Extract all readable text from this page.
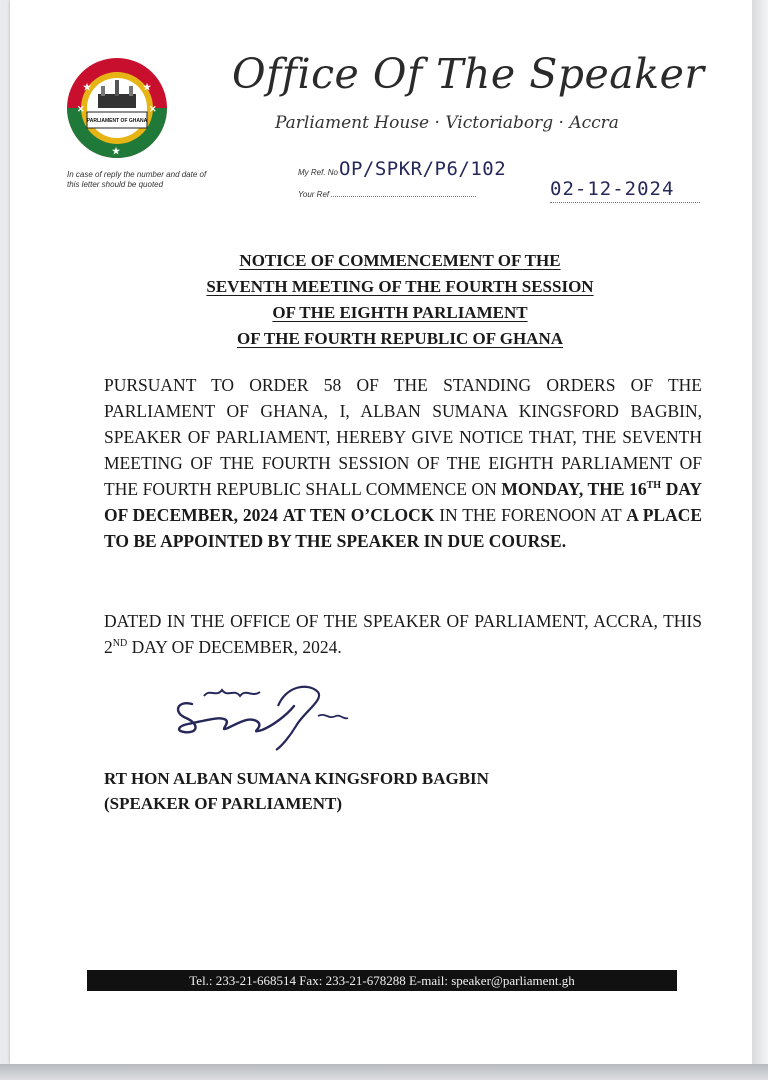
PARLIAMENT OF GHANA
★	★
✕	✕
★
Office Of The Speaker
Parliament House · Victoriaborg · Accra
In case of reply the number and date of this letter should be quoted
My Ref. NoOP/SPKR/P6/102
Your Ref	02-12-2024
NOTICE OF COMMENCEMENT OF THE
SEVENTH MEETING OF THE FOURTH SESSION
OF THE EIGHTH PARLIAMENT
OF THE FOURTH REPUBLIC OF GHANA
PURSUANT TO ORDER 58 OF THE STANDING ORDERS OF THE PARLIAMENT OF GHANA, I, ALBAN SUMANA KINGSFORD BAGBIN, SPEAKER OF PARLIAMENT, HEREBY GIVE NOTICE THAT, THE SEVENTH MEETING OF THE FOURTH SESSION OF THE EIGHTH PARLIAMENT OF THE FOURTH REPUBLIC SHALL COMMENCE ON MONDAY, THE 16TH DAY OF DECEMBER, 2024 AT TEN O’CLOCK IN THE FORENOON AT A PLACE TO BE APPOINTED BY THE SPEAKER IN DUE COURSE.
DATED IN THE OFFICE OF THE SPEAKER OF PARLIAMENT, ACCRA, THIS 2ND DAY OF DECEMBER, 2024.
RT HON ALBAN SUMANA KINGSFORD BAGBIN
(SPEAKER OF PARLIAMENT)
Tel.: 233-21-668514 Fax: 233-21-678288 E-mail: speaker@parliament.gh
